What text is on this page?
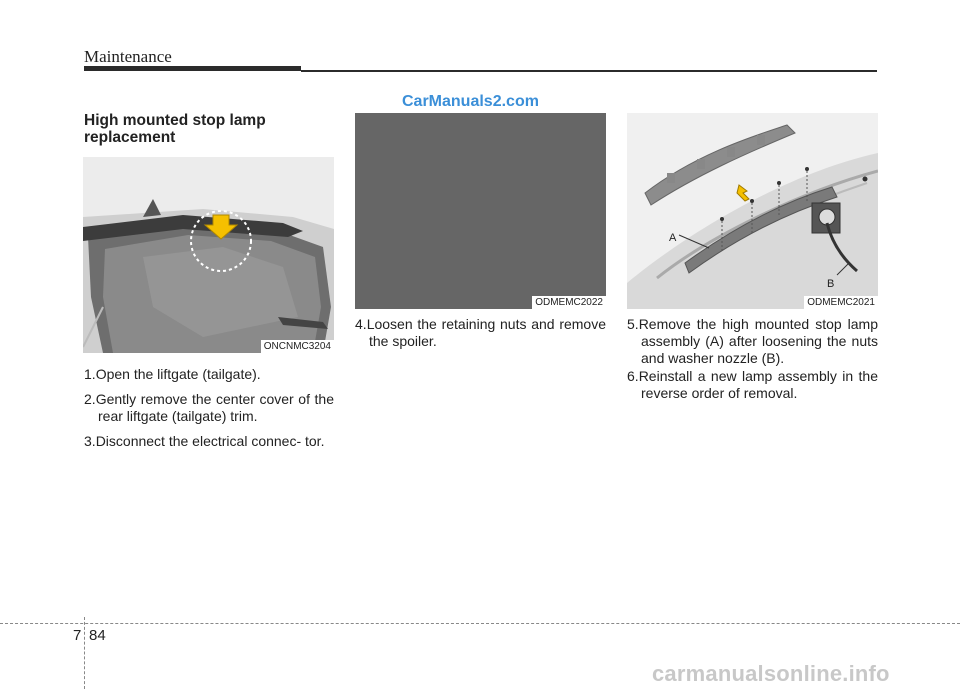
Maintenance
CarManuals2.com
High mounted stop lamp replacement
ONCNMC3204
ODMEMC2022
A
B
ODMEMC2021
1.Open the liftgate (tailgate).
2.Gently remove the center cover of the rear liftgate (tailgate) trim.
3.Disconnect the electrical connec- tor.
4.Loosen the retaining nuts and remove the spoiler.
5.Remove the high mounted stop lamp assembly (A) after loosening the nuts and washer nozzle (B).
6.Reinstall a new lamp assembly in the reverse order of removal.
7 84
carmanualsonline.info
